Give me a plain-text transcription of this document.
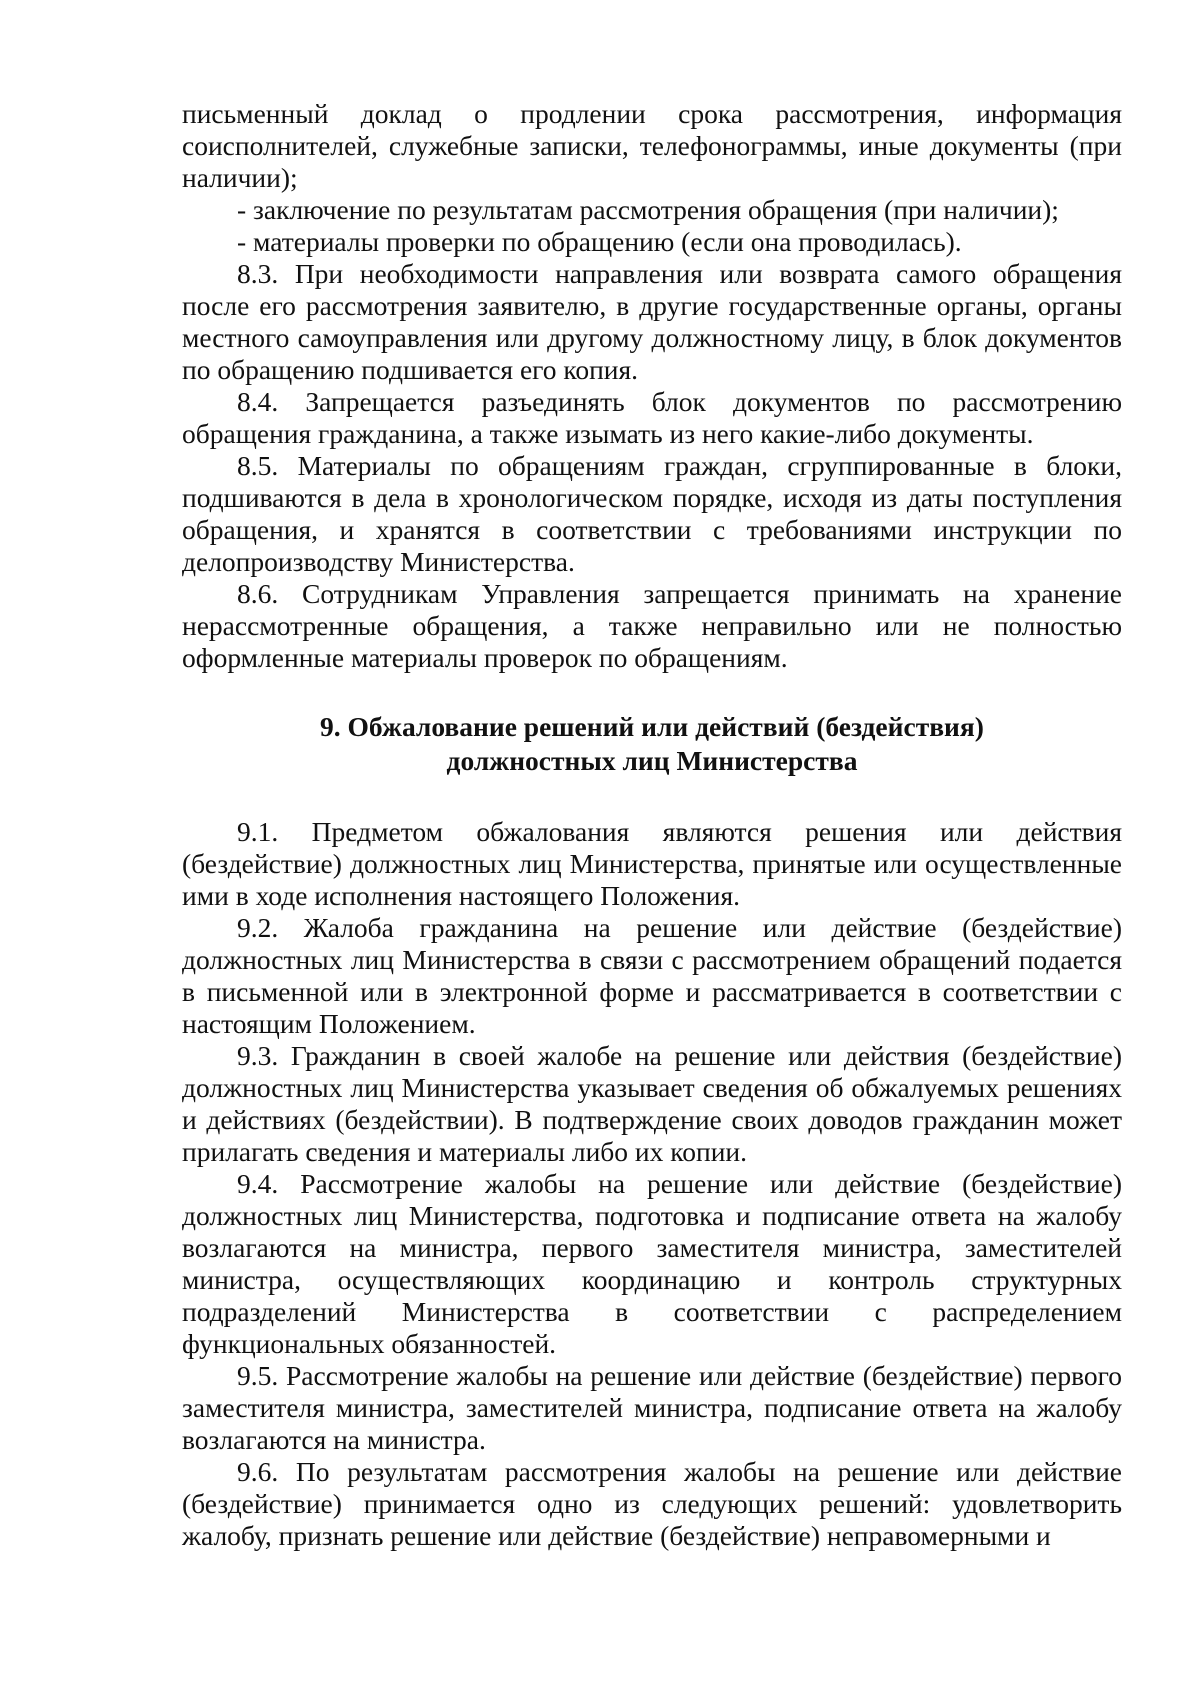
письменный доклад о продлении срока рассмотрения, информация соисполнителей, служебные записки, телефонограммы, иные документы (при наличии);

- заключение по результатам рассмотрения обращения (при наличии);

- материалы проверки по обращению (если она проводилась).

8.3. При необходимости направления или возврата самого обращения после его рассмотрения заявителю, в другие государственные органы, органы местного самоуправления или другому должностному лицу, в блок документов по обращению подшивается его копия.

8.4. Запрещается разъединять блок документов по рассмотрению обращения гражданина, а также изымать из него какие-либо документы.

8.5. Материалы по обращениям граждан, сгруппированные в блоки, подшиваются в дела в хронологическом порядке, исходя из даты поступления обращения, и хранятся в соответствии с требованиями инструкции по делопроизводству Министерства.

8.6. Сотрудникам Управления запрещается принимать на хранение нерассмотренные обращения, а также неправильно или не полностью оформленные материалы проверок по обращениям.

9. Обжалование решений или действий (бездействия)
должностных лиц Министерства

9.1. Предметом обжалования являются решения или действия (бездействие) должностных лиц Министерства, принятые или осуществленные ими в ходе исполнения настоящего Положения.

9.2. Жалоба гражданина на решение или действие (бездействие) должностных лиц Министерства в связи с рассмотрением обращений подается в письменной или в электронной форме и рассматривается в соответствии с настоящим Положением.

9.3. Гражданин в своей жалобе на решение или действия (бездействие) должностных лиц Министерства указывает сведения об обжалуемых решениях и действиях (бездействии). В подтверждение своих доводов гражданин может прилагать сведения и материалы либо их копии.

9.4. Рассмотрение жалобы на решение или действие (бездействие) должностных лиц Министерства, подготовка и подписание ответа на жалобу возлагаются на министра, первого заместителя министра, заместителей министра, осуществляющих координацию и контроль структурных подразделений Министерства в соответствии с распределением функциональных обязанностей.

9.5. Рассмотрение жалобы на решение или действие (бездействие) первого заместителя министра, заместителей министра, подписание ответа на жалобу возлагаются на министра.

9.6. По результатам рассмотрения жалобы на решение или действие (бездействие) принимается одно из следующих решений: удовлетворить жалобу, признать решение или действие (бездействие) неправомерными и
